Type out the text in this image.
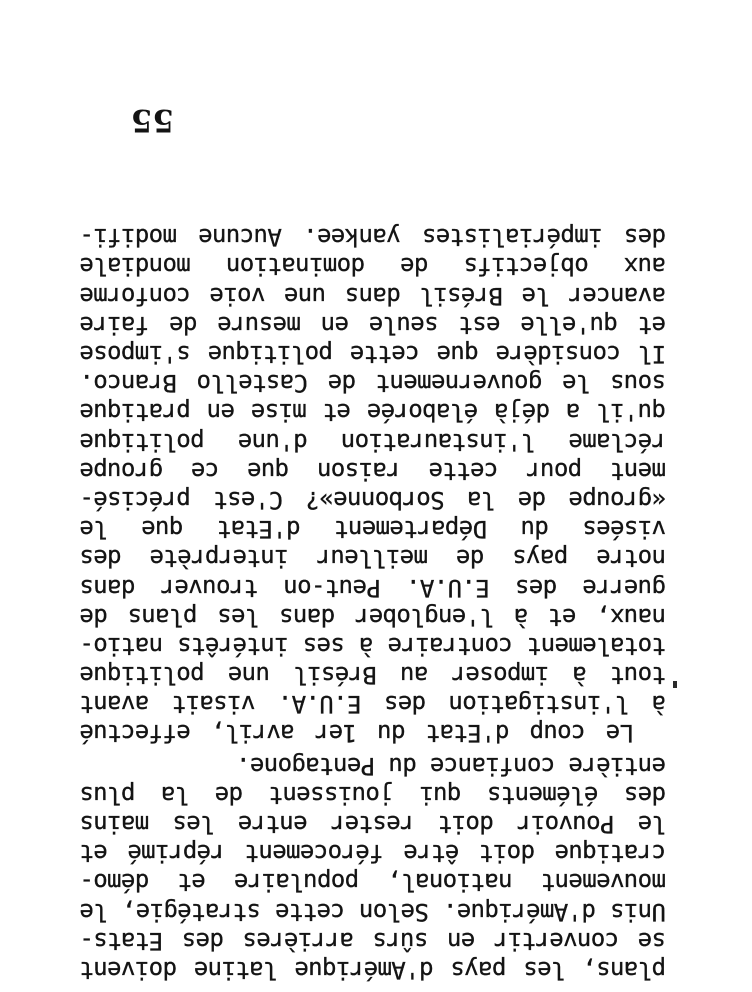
plans, les pays d'Amérique latine doivent
se convertir en sûrs arrières des Etats-
Unis d'Amérique. Selon cette stratégie, le
mouvement national, populaire et démo-
cratique doit être férocement réprimé et
le Pouvoir doit rester entre les mains
des éléments qui jouissent de la plus
entière confiance du Pentagone.
Le coup d'Etat du 1er avril, effectué
à l'instigation des E.U.A. visait avant
tout à imposer au Brésil une politique
totalement contraire à ses intérêts natio-
naux, et à l'englober dans les plans de
guerre des E.U.A. Peut-on trouver dans
notre pays de meilleur interprète des
visées du Département d'Etat que le
«groupe de la Sorbonne»? C'est précisé-
ment pour cette raison que ce groupe
réclame l'instauration d'une politique
qu'il a déjà élaborée et mise en pratique
sous le gouvernement de Castello Branco.
Il considère que cette politique s'impose
et qu'elle est seule en mesure de faire
avancer le Brésil dans une voie conforme
aux objectifs de domination mondiale
des impérialistes yankee. Aucune modifi-
55
